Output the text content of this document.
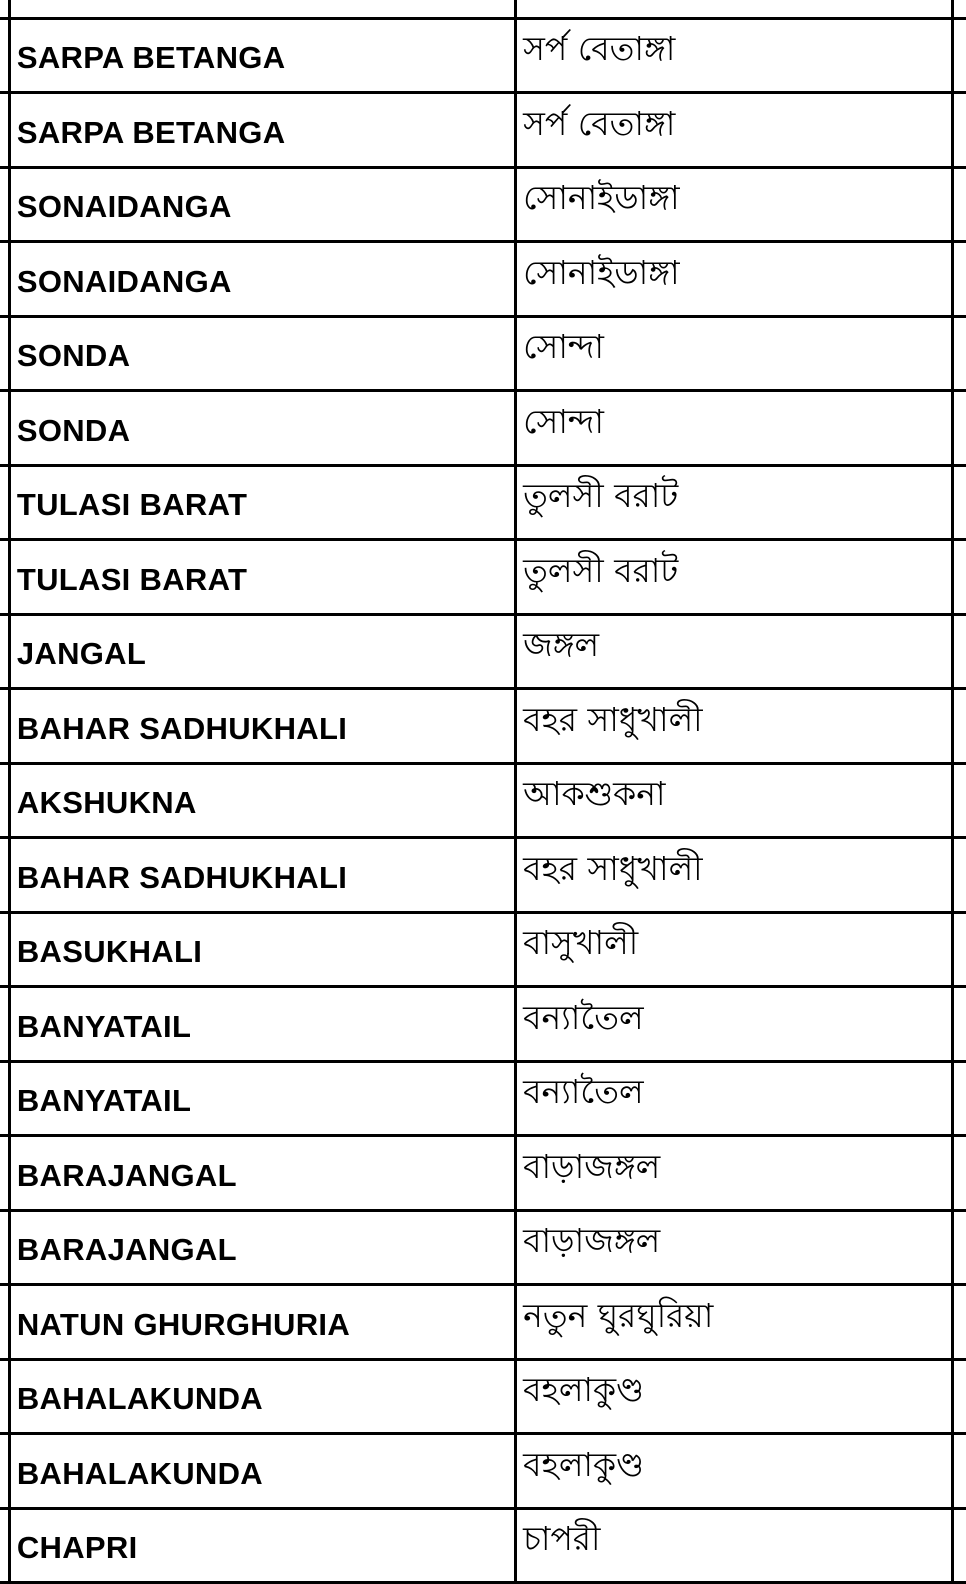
	SARPA BETANGA	সর্প বেতাঙ্গা	
	SARPA BETANGA	সর্প বেতাঙ্গা	
	SONAIDANGA	সোনাইডাঙ্গা	
	SONAIDANGA	সোনাইডাঙ্গা	
	SONDA	সোন্দা	
	SONDA	সোন্দা	
	TULASI BARAT	তুলসী বরাট	
	TULASI BARAT	তুলসী বরাট	
	JANGAL	জঙ্গল	
	BAHAR SADHUKHALI	বহর সাধুখালী	
	AKSHUKNA	আকশুকনা	
	BAHAR SADHUKHALI	বহর সাধুখালী	
	BASUKHALI	বাসুখালী	
	BANYATAIL	বন্যাতৈল	
	BANYATAIL	বন্যাতৈল	
	BARAJANGAL	বাড়াজঙ্গল	
	BARAJANGAL	বাড়াজঙ্গল	
	NATUN GHURGHURIA	নতুন ঘুরঘুরিয়া	
	BAHALAKUNDA	বহলাকুণ্ড	
	BAHALAKUNDA	বহলাকুণ্ড	
	CHAPRI	চাপরী	
